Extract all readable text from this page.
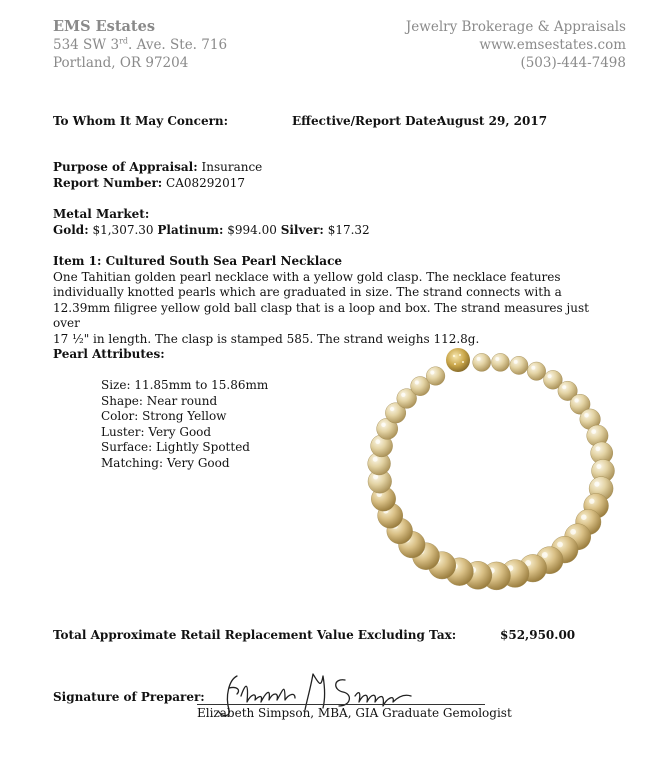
EMS Estates
534 SW 3rd. Ave. Ste. 716
Portland, OR 97204
Jewelry Brokerage & Appraisals
www.emsestates.com
(503)-444-7498
To Whom It May Concern:	Effective/Report Date:
August 29, 2017
Purpose of Appraisal: Insurance
Report Number: CA08292017
Metal Market:
Gold: $1,307.30 Platinum: $994.00 Silver: $17.32
Item 1: Cultured South Sea Pearl Necklace
One Tahitian golden pearl necklace with a yellow gold clasp. The necklace features
individually knotted pearls which are graduated in size. The strand connects with a
12.39mm filigree yellow gold ball clasp that is a loop and box. The strand measures just over
17 ½" in length. The clasp is stamped 585. The strand weighs 112.8g.
Pearl Attributes:
Size: 11.85mm to 15.86mm
Shape: Near round
Color: Strong Yellow
Luster: Very Good
Surface: Lightly Spotted
Matching: Very Good
Total Approximate Retail Replacement Value Excluding Tax:	$52,950.00
Signature of Preparer:
Elizabeth Simpson, MBA, GIA Graduate Gemologist
